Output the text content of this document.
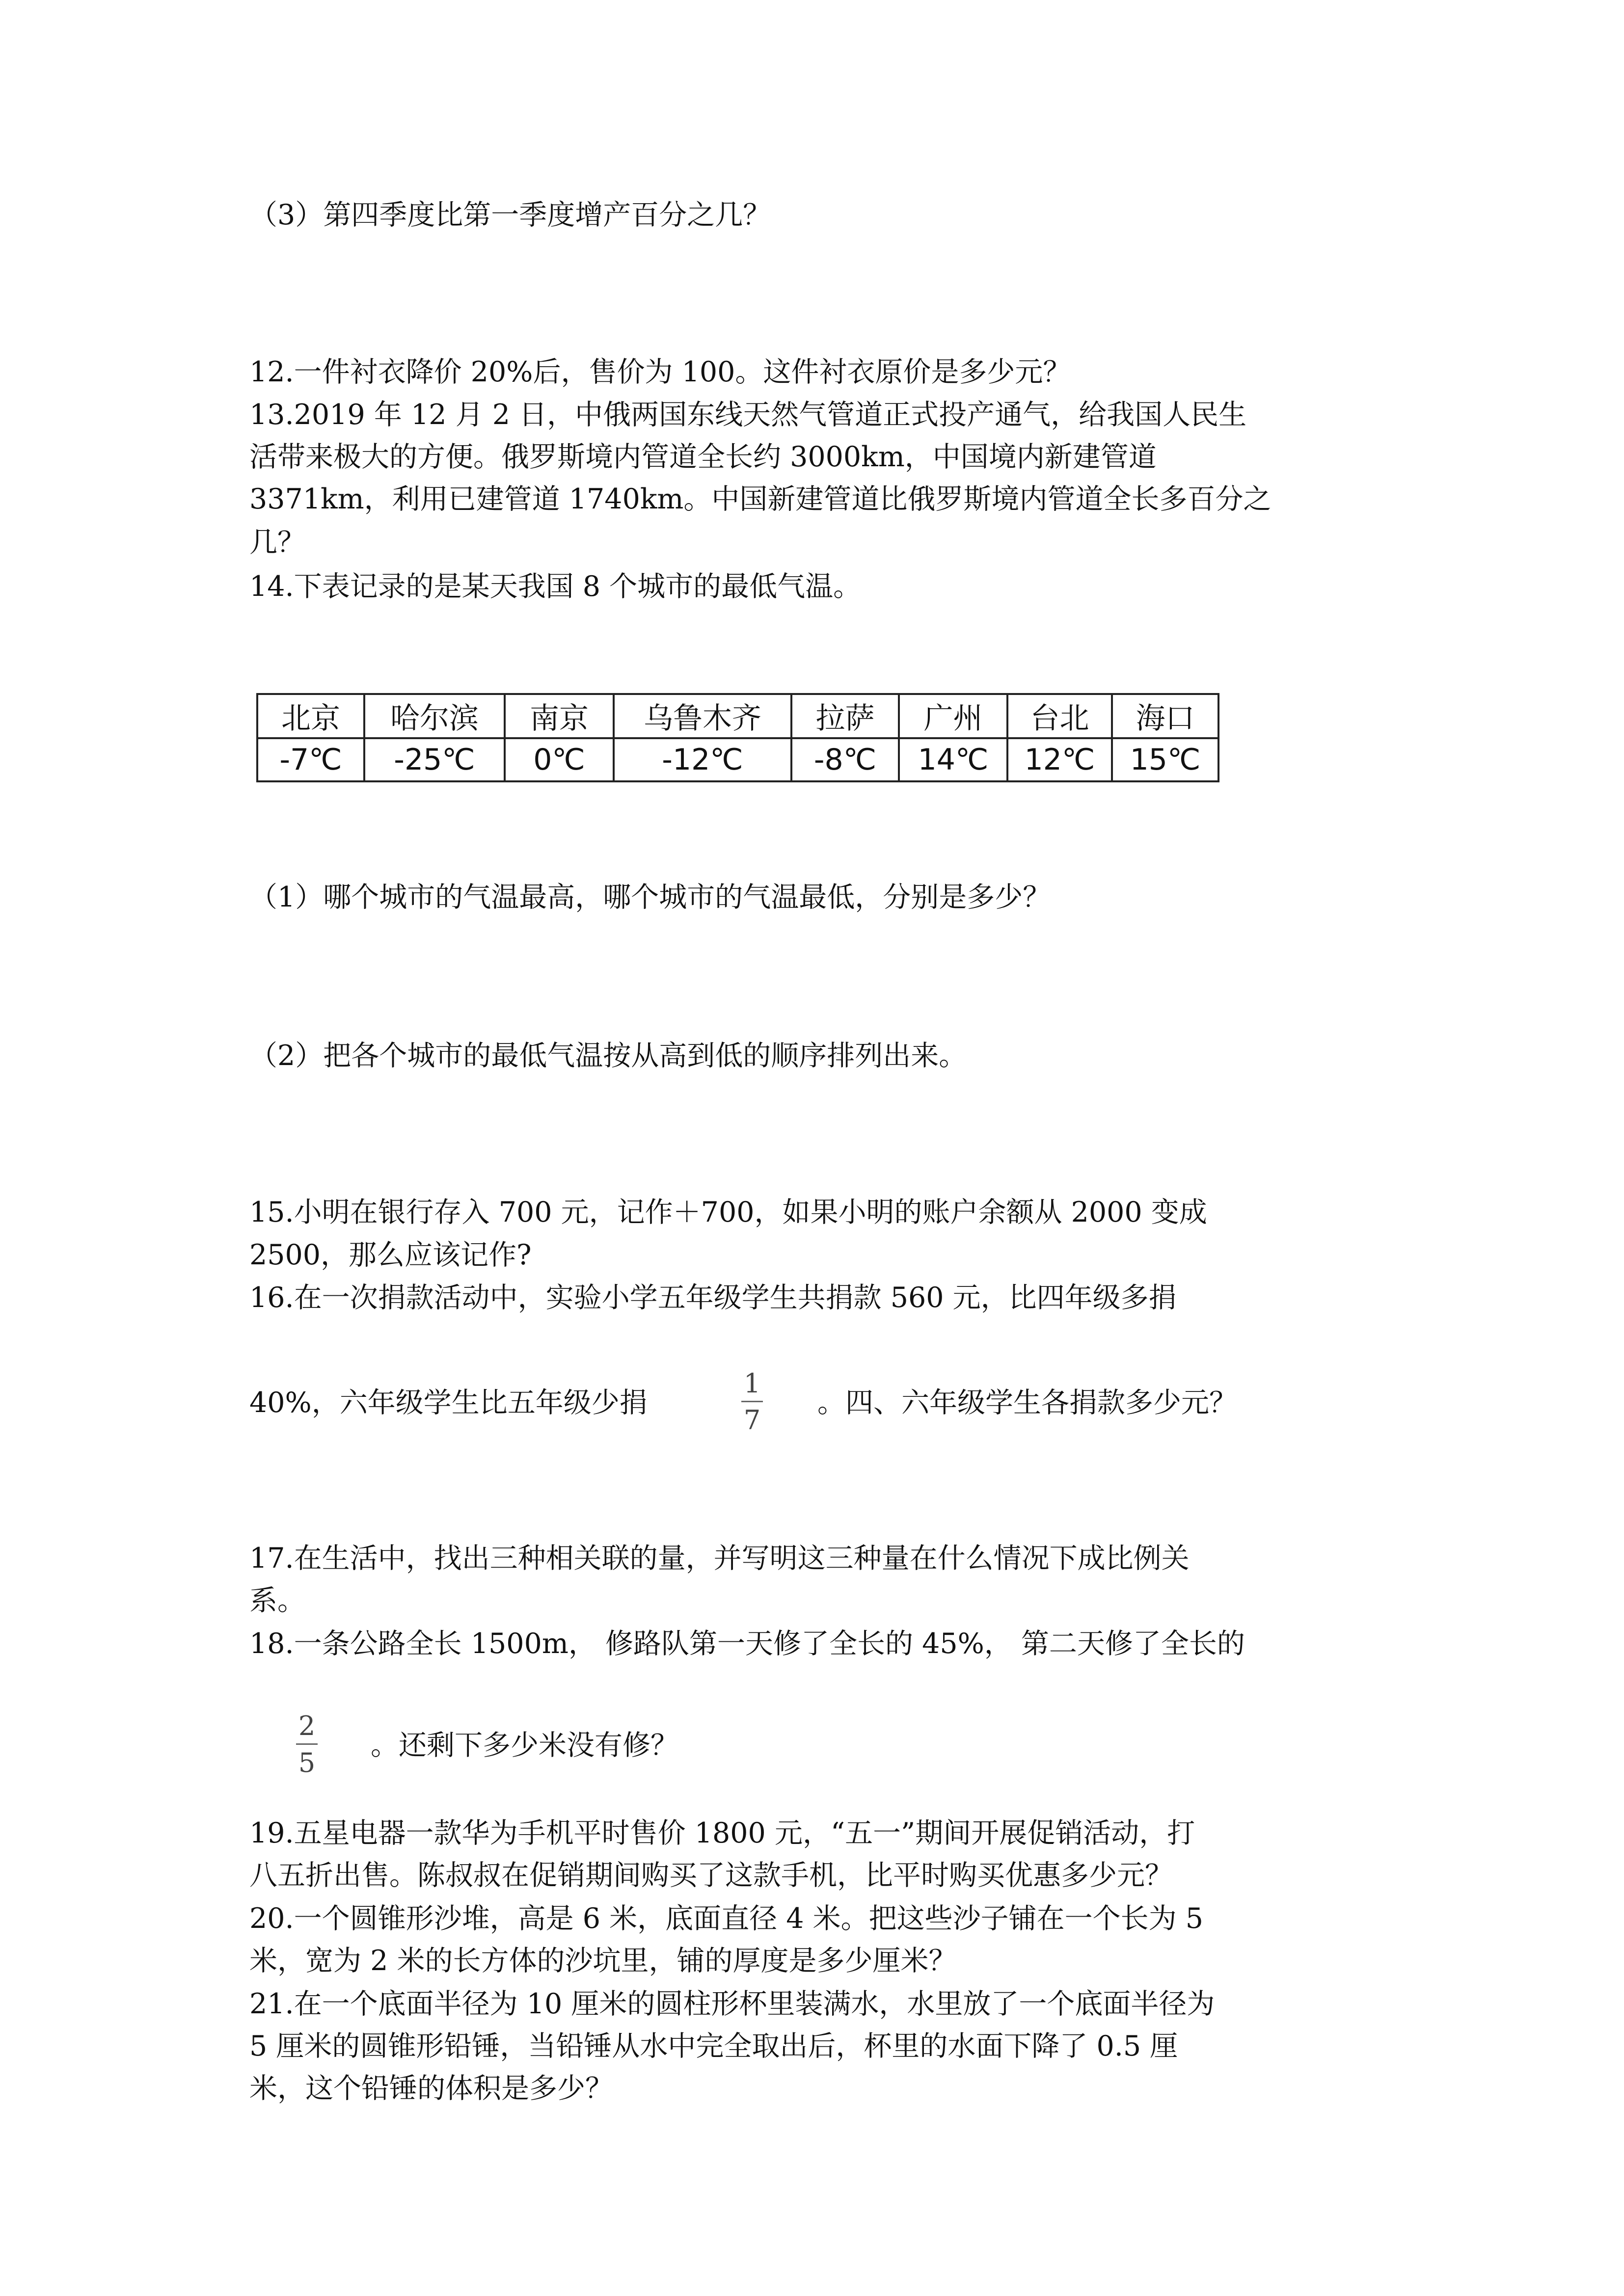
（3）第四季度比第一季度增产百分之几？

12.一件衬衣降价 20%后，售价为 100。这件衬衣原价是多少元？

13.2019 年 12 月 2 日，中俄两国东线天然气管道正式投产通气，给我国人民生

活带来极大的方便。俄罗斯境内管道全长约 3000km，中国境内新建管道

3371km，利用已建管道 1740km。中国新建管道比俄罗斯境内管道全长多百分之

几？

14.下表记录的是某天我国 8 个城市的最低气温。

北京	哈尔滨	南京	乌鲁木齐	拉萨	广州	台北	海口
-7℃	-25℃	0℃	-12℃	-8℃	14℃	12℃	15℃

（1）哪个城市的气温最高，哪个城市的气温最低，分别是多少？

（2）把各个城市的最低气温按从高到低的顺序排列出来。

15.小明在银行存入 700 元，记作＋700，如果小明的账户余额从 2000 变成

2500，那么应该记作?

16.在一次捐款活动中，实验小学五年级学生共捐款 560 元，比四年级多捐

40%，六年级学生比五年级少捐

1
7

。四、六年级学生各捐款多少元？

17.在生活中，找出三种相关联的量，并写明这三种量在什么情况下成比例关

系。

18.一条公路全长 1500m， 修路队第一天修了全长的 45%， 第二天修了全长的

2
5

。还剩下多少米没有修？

19.五星电器一款华为手机平时售价 1800 元，“五一”期间开展促销活动，打

八五折出售。陈叔叔在促销期间购买了这款手机，比平时购买优惠多少元？

20.一个圆锥形沙堆，高是 6 米，底面直径 4 米。把这些沙子铺在一个长为 5

米，宽为 2 米的长方体的沙坑里，铺的厚度是多少厘米？

21.在一个底面半径为 10 厘米的圆柱形杯里装满水，水里放了一个底面半径为

5 厘米的圆锥形铅锤，当铅锤从水中完全取出后，杯里的水面下降了 0.5 厘

米，这个铅锤的体积是多少？
